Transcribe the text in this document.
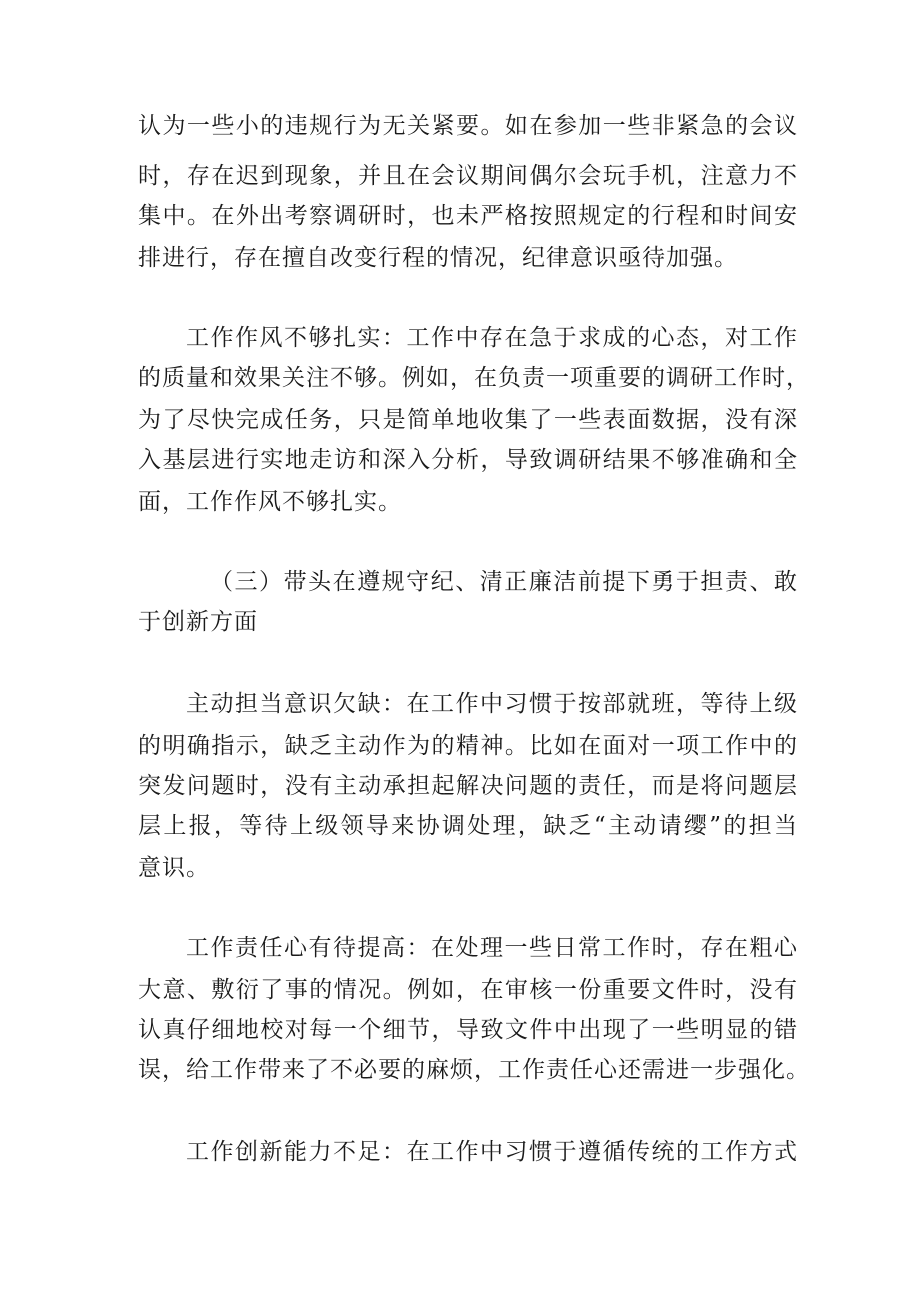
认为一些小的违规行为无关紧要。如在参加一些非紧急的会议

时，存在迟到现象，并且在会议期间偶尔会玩手机，注意力不

集中。在外出考察调研时，也未严格按照规定的行程和时间安

排进行，存在擅自改变行程的情况，纪律意识亟待加强。

工作作风不够扎实：工作中存在急于求成的心态，对工作

的质量和效果关注不够。例如，在负责一项重要的调研工作时，

为了尽快完成任务，只是简单地收集了一些表面数据，没有深

入基层进行实地走访和深入分析，导致调研结果不够准确和全

面，工作作风不够扎实。

（三）带头在遵规守纪、清正廉洁前提下勇于担责、敢

于创新方面

主动担当意识欠缺：在工作中习惯于按部就班，等待上级

的明确指示，缺乏主动作为的精神。比如在面对一项工作中的

突发问题时，没有主动承担起解决问题的责任，而是将问题层

层上报，等待上级领导来协调处理，缺乏“主动请缨”的担当

意识。

工作责任心有待提高：在处理一些日常工作时，存在粗心

大意、敷衍了事的情况。例如，在审核一份重要文件时，没有

认真仔细地校对每一个细节，导致文件中出现了一些明显的错

误，给工作带来了不必要的麻烦，工作责任心还需进一步强化。

工作创新能力不足：在工作中习惯于遵循传统的工作方式
